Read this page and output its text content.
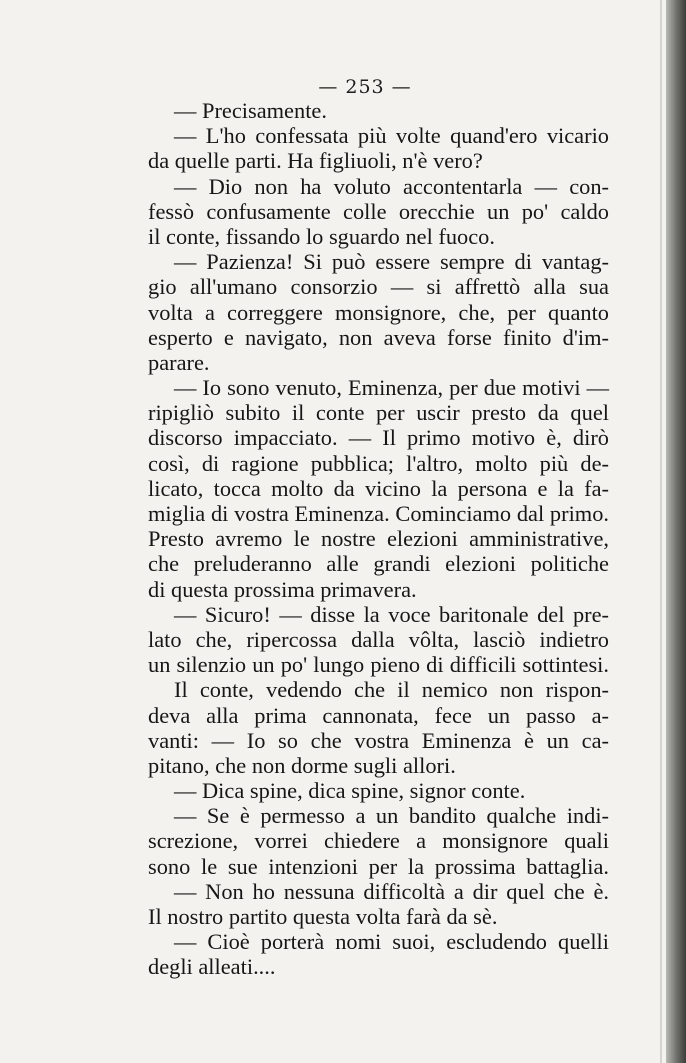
— 253 —
— Precisamente.
— L'ho confessata più volte quand'ero vicario
da quelle parti. Ha figliuoli, n'è vero?
— Dio non ha voluto accontentarla — con-
fessò confusamente colle orecchie un po' caldo
il conte, fissando lo sguardo nel fuoco.
— Pazienza! Si può essere sempre di vantag-
gio all'umano consorzio — si affrettò alla sua
volta a correggere monsignore, che, per quanto
esperto e navigato, non aveva forse finito d'im-
parare.
— Io sono venuto, Eminenza, per due motivi —
ripigliò subito il conte per uscir presto da quel
discorso impacciato. — Il primo motivo è, dirò
così, di ragione pubblica; l'altro, molto più de-
licato, tocca molto da vicino la persona e la fa-
miglia di vostra Eminenza. Cominciamo dal primo.
Presto avremo le nostre elezioni amministrative,
che preluderanno alle grandi elezioni politiche
di questa prossima primavera.
— Sicuro! — disse la voce baritonale del pre-
lato che, ripercossa dalla vôlta, lasciò indietro
un silenzio un po' lungo pieno di difficili sottintesi.
Il conte, vedendo che il nemico non rispon-
deva alla prima cannonata, fece un passo a-
vanti: — Io so che vostra Eminenza è un ca-
pitano, che non dorme sugli allori.
— Dica spine, dica spine, signor conte.
— Se è permesso a un bandito qualche indi-
screzione, vorrei chiedere a monsignore quali
sono le sue intenzioni per la prossima battaglia.
— Non ho nessuna difficoltà a dir quel che è.
Il nostro partito questa volta farà da sè.
— Cioè porterà nomi suoi, escludendo quelli
degli alleati....
